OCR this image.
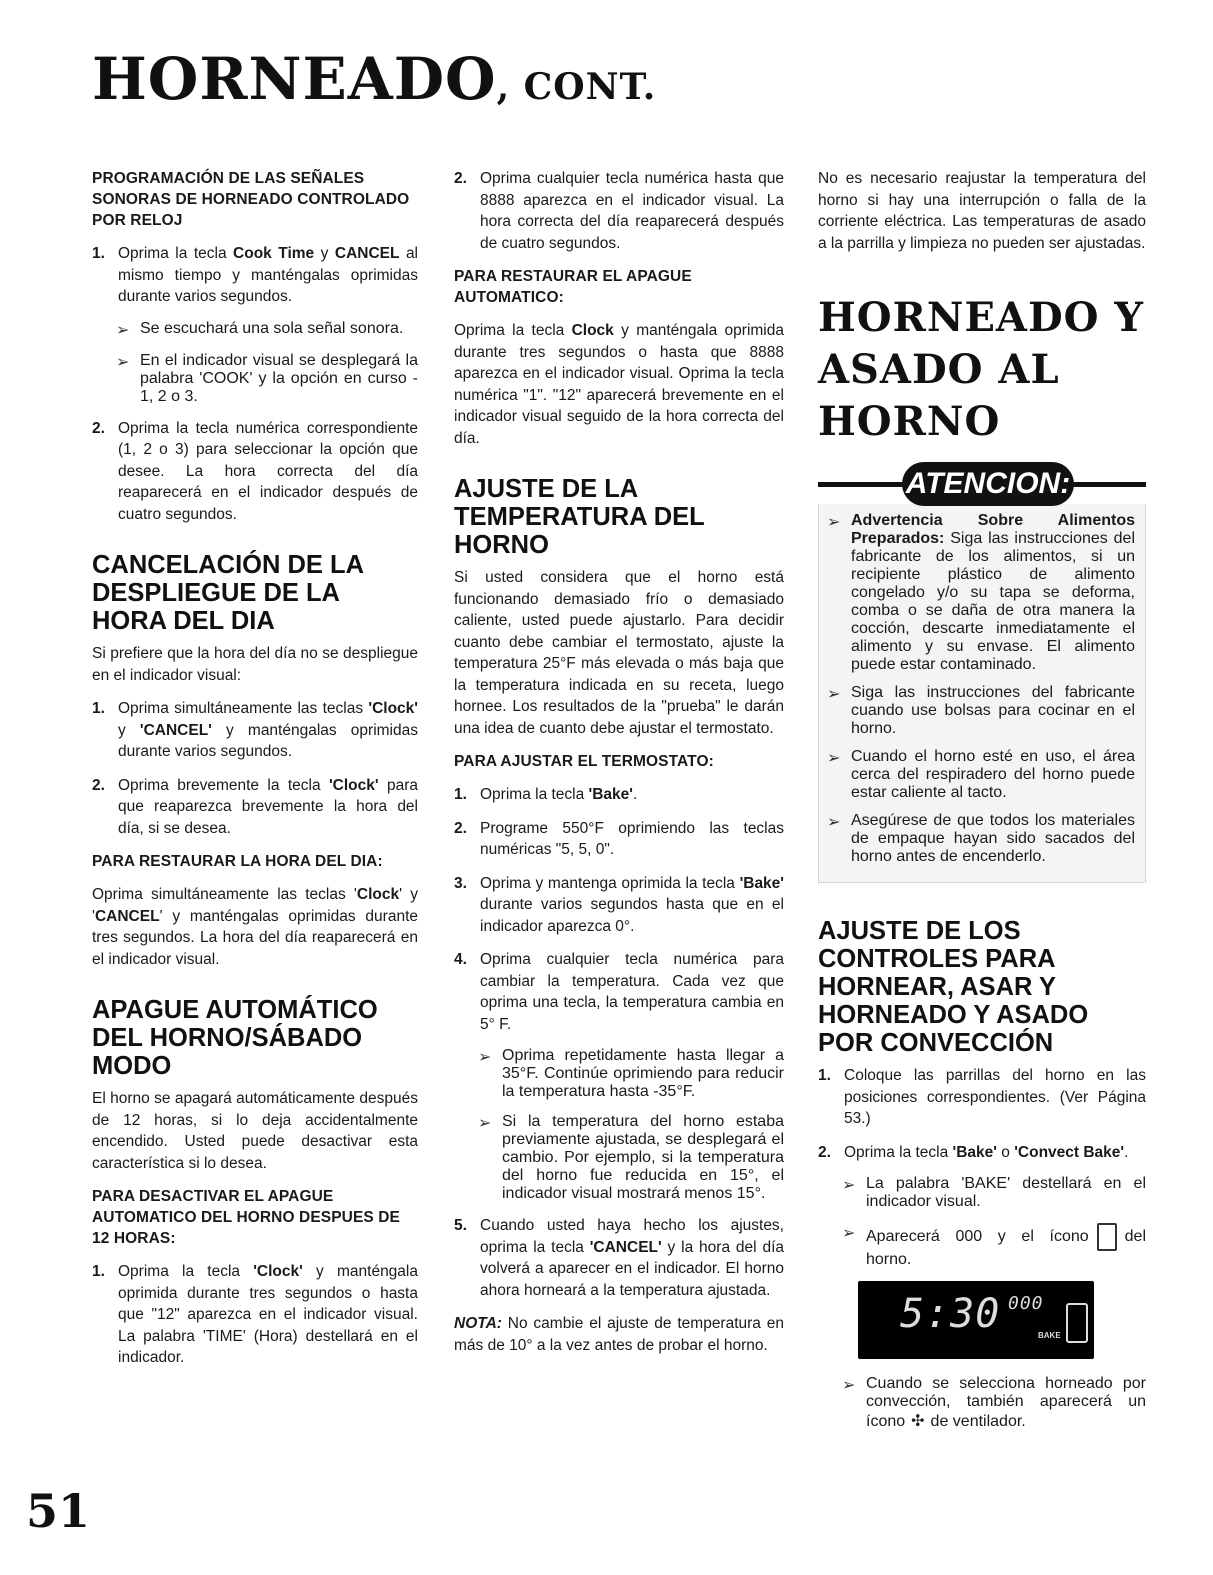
HORNEADO, CONT.
PROGRAMACIÓN DE LAS SEÑALES SONORAS DE HORNEADO CONTROLADO POR RELOJ
1. Oprima la tecla Cook Time y CANCEL al mismo tiempo y manténgalas oprimidas durante varios segundos.
➢ Se escuchará una sola señal sonora.
➢ En el indicador visual se desplegará la palabra 'COOK' y la opción en curso - 1, 2 o 3.
2. Oprima la tecla numérica correspondiente (1, 2 o 3) para seleccionar la opción que desee. La hora correcta del día reaparecerá en el indicador después de cuatro segundos.
CANCELACIÓN DE LA DESPLIEGUE DE LA HORA DEL DIA

Si prefiere que la hora del día no se despliegue en el indicador visual:

1. Oprima simultáneamente las teclas 'Clock' y 'CANCEL' y manténgalas oprimidas durante varios segundos.
2. Oprima brevemente la tecla 'Clock' para que reaparezca brevemente la hora del día, si se desea.
PARA RESTAURAR LA HORA DEL DIA:

Oprima simultáneamente las teclas 'Clock' y 'CANCEL' y manténgalas oprimidas durante tres segundos. La hora del día reaparecerá en el indicador visual.

APAGUE AUTOMÁTICO DEL HORNO/SÁBADO MODO

El horno se apagará automáticamente después de 12 horas, si lo deja accidentalmente encendido. Usted puede desactivar esta característica si lo desea.

PARA DESACTIVAR EL APAGUE AUTOMATICO DEL HORNO DESPUES DE 12 HORAS:
1. Oprima la tecla 'Clock' y manténgala oprimida durante tres segundos o hasta que "12" aparezca en el indicador visual. La palabra 'TIME' (Hora) destellará en el indicador.
2. Oprima cualquier tecla numérica hasta que 8888 aparezca en el indicador visual. La hora correcta del día reaparecerá después de cuatro segundos.
PARA RESTAURAR EL APAGUE AUTOMATICO:

Oprima la tecla Clock y manténgala oprimida durante tres segundos o hasta que 8888 aparezca en el indicador visual. Oprima la tecla numérica "1". "12" aparecerá brevemente en el indicador visual seguido de la hora correcta del día.

AJUSTE DE LA TEMPERATURA DEL HORNO

Si usted considera que el horno está funcionando demasiado frío o demasiado caliente, usted puede ajustarlo. Para decidir cuanto debe cambiar el termostato, ajuste la temperatura 25°F más elevada o más baja que la temperatura indicada en su receta, luego hornee. Los resultados de la "prueba" le darán una idea de cuanto debe ajustar el termostato.

PARA AJUSTAR EL TERMOSTATO:
1. Oprima la tecla 'Bake'.
2. Programe 550°F oprimiendo las teclas numéricas "5, 5, 0".
3. Oprima y mantenga oprimida la tecla 'Bake' durante varios segundos hasta que en el indicador aparezca 0°.
4. Oprima cualquier tecla numérica para cambiar la temperatura. Cada vez que oprima una tecla, la temperatura cambia en 5° F.
➢ Oprima repetidamente hasta llegar a 35°F. Continúe oprimiendo para reducir la temperatura hasta -35°F.
➢ Si la temperatura del horno estaba previamente ajustada, se desplegará el cambio. Por ejemplo, si la temperatura del horno fue reducida en 15°, el indicador visual mostrará menos 15°.
5. Cuando usted haya hecho los ajustes, oprima la tecla 'CANCEL' y la hora del día volverá a aparecer en el indicador. El horno ahora horneará a la temperatura ajustada.

NOTA: No cambie el ajuste de temperatura en más de 10° a la vez antes de probar el horno.

No es necesario reajustar la temperatura del horno si hay una interrupción o falla de la corriente eléctrica. Las temperaturas de asado a la parrilla y limpieza no pueden ser ajustadas.

HORNEADO Y ASADO AL HORNO
ATENCION:
➢ Advertencia Sobre Alimentos Preparados: Siga las instrucciones del fabricante de los alimentos, si un recipiente plástico de alimento congelado y/o su tapa se deforma, comba o se daña de otra manera la cocción, descarte inmediatamente el alimento y su envase. El alimento puede estar contaminado.
➢ Siga las instrucciones del fabricante cuando use bolsas para cocinar en el horno.
➢ Cuando el horno esté en uso, el área cerca del respiradero del horno puede estar caliente al tacto.
➢ Asegúrese de que todos los materiales de empaque hayan sido sacados del horno antes de encenderlo.
AJUSTE DE LOS CONTROLES PARA HORNEAR, ASAR Y HORNEADO Y ASADO POR CONVECCIÓN
1. Coloque las parrillas del horno en las posiciones correspondientes. (Ver Página 53.)
2. Oprima la tecla 'Bake' o 'Convect Bake'.
➢ La palabra 'BAKE' destellará en el indicador visual.
➢ Aparecerá 000 y el ícono del horno.
5:30 000
BAKE
➢ Cuando se selecciona horneado por convección, también aparecerá un ícono ✣ de ventilador.
51
